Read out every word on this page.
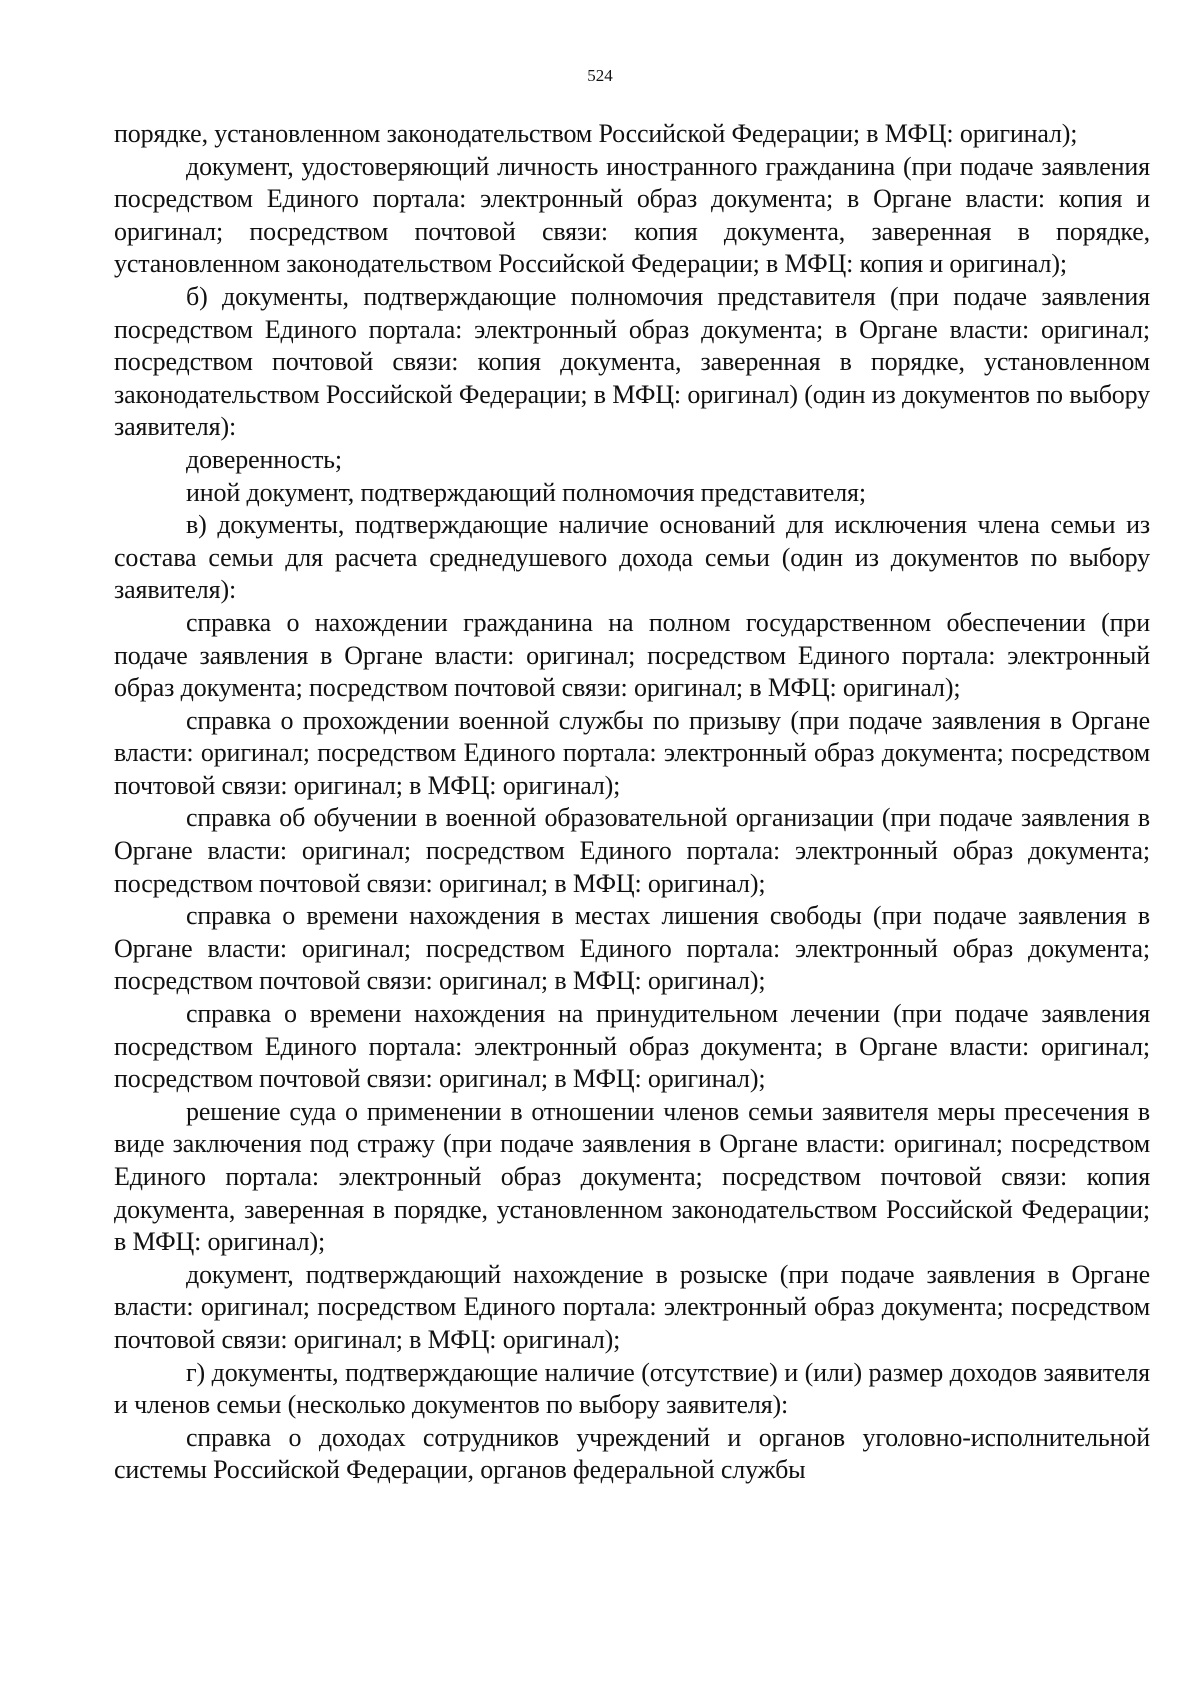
524

порядке, установленном законодательством Российской Федерации; в МФЦ: оригинал);

документ, удостоверяющий личность иностранного гражданина (при подаче заявления посредством Единого портала: электронный образ документа; в Органе власти: копия и оригинал; посредством почтовой связи: копия документа, заверенная в порядке, установленном законодательством Российской Федерации; в МФЦ: копия и оригинал);

б) документы, подтверждающие полномочия представителя (при подаче заявления посредством Единого портала: электронный образ документа; в Органе власти: оригинал; посредством почтовой связи: копия документа, заверенная в порядке, установленном законодательством Российской Федерации; в МФЦ: оригинал) (один из документов по выбору заявителя):

доверенность;

иной документ, подтверждающий полномочия представителя;

в) документы, подтверждающие наличие оснований для исключения члена семьи из состава семьи для расчета среднедушевого дохода семьи (один из документов по выбору заявителя):

справка о нахождении гражданина на полном государственном обеспечении (при подаче заявления в Органе власти: оригинал; посредством Единого портала: электронный образ документа; посредством почтовой связи: оригинал; в МФЦ: оригинал);

справка о прохождении военной службы по призыву (при подаче заявления в Органе власти: оригинал; посредством Единого портала: электронный образ документа; посредством почтовой связи: оригинал; в МФЦ: оригинал);

справка об обучении в военной образовательной организации (при подаче заявления в Органе власти: оригинал; посредством Единого портала: электронный образ документа; посредством почтовой связи: оригинал; в МФЦ: оригинал);

справка о времени нахождения в местах лишения свободы (при подаче заявления в Органе власти: оригинал; посредством Единого портала: электронный образ документа; посредством почтовой связи: оригинал; в МФЦ: оригинал);

справка о времени нахождения на принудительном лечении (при подаче заявления посредством Единого портала: электронный образ документа; в Органе власти: оригинал; посредством почтовой связи: оригинал; в МФЦ: оригинал);

решение суда о применении в отношении членов семьи заявителя меры пресечения в виде заключения под стражу (при подаче заявления в Органе власти: оригинал; посредством Единого портала: электронный образ документа; посредством почтовой связи: копия документа, заверенная в порядке, установленном законодательством Российской Федерации; в МФЦ: оригинал);

документ, подтверждающий нахождение в розыске (при подаче заявления в Органе власти: оригинал; посредством Единого портала: электронный образ документа; посредством почтовой связи: оригинал; в МФЦ: оригинал);

г) документы, подтверждающие наличие (отсутствие) и (или) размер доходов заявителя и членов семьи (несколько документов по выбору заявителя):

справка о доходах сотрудников учреждений и органов уголовно-исполнительной системы Российской Федерации, органов федеральной службы
